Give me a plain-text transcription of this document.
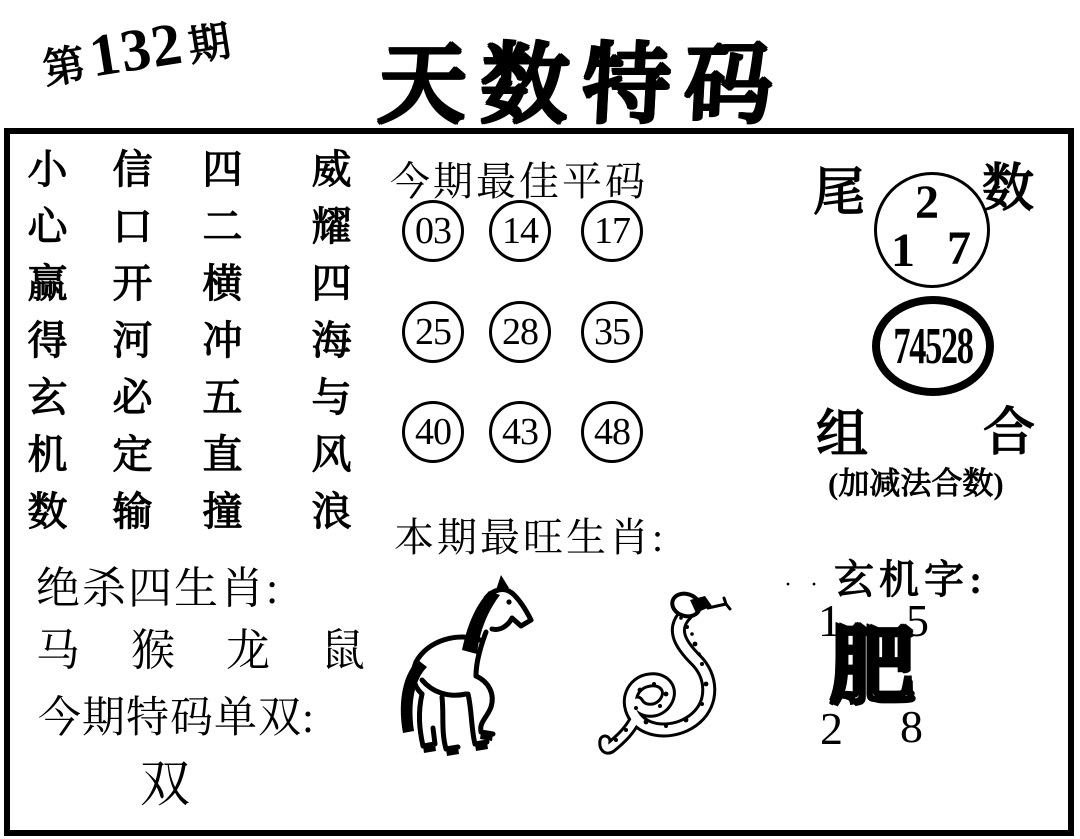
第132期 天数特码
小心赢得玄机数 信口开河必定输 四二横冲五直撞 威耀四海与风浪 今期最佳平码
03 14 17
25 28 35
40 43 48
本期最旺生肖:
尾 数
2
1 7
74528
组 合
(加减法合数)
玄机字:
· ·
1 5
肥
2 8
绝杀四生肖:
马 猴 龙 鼠
今期特码单双:
双
